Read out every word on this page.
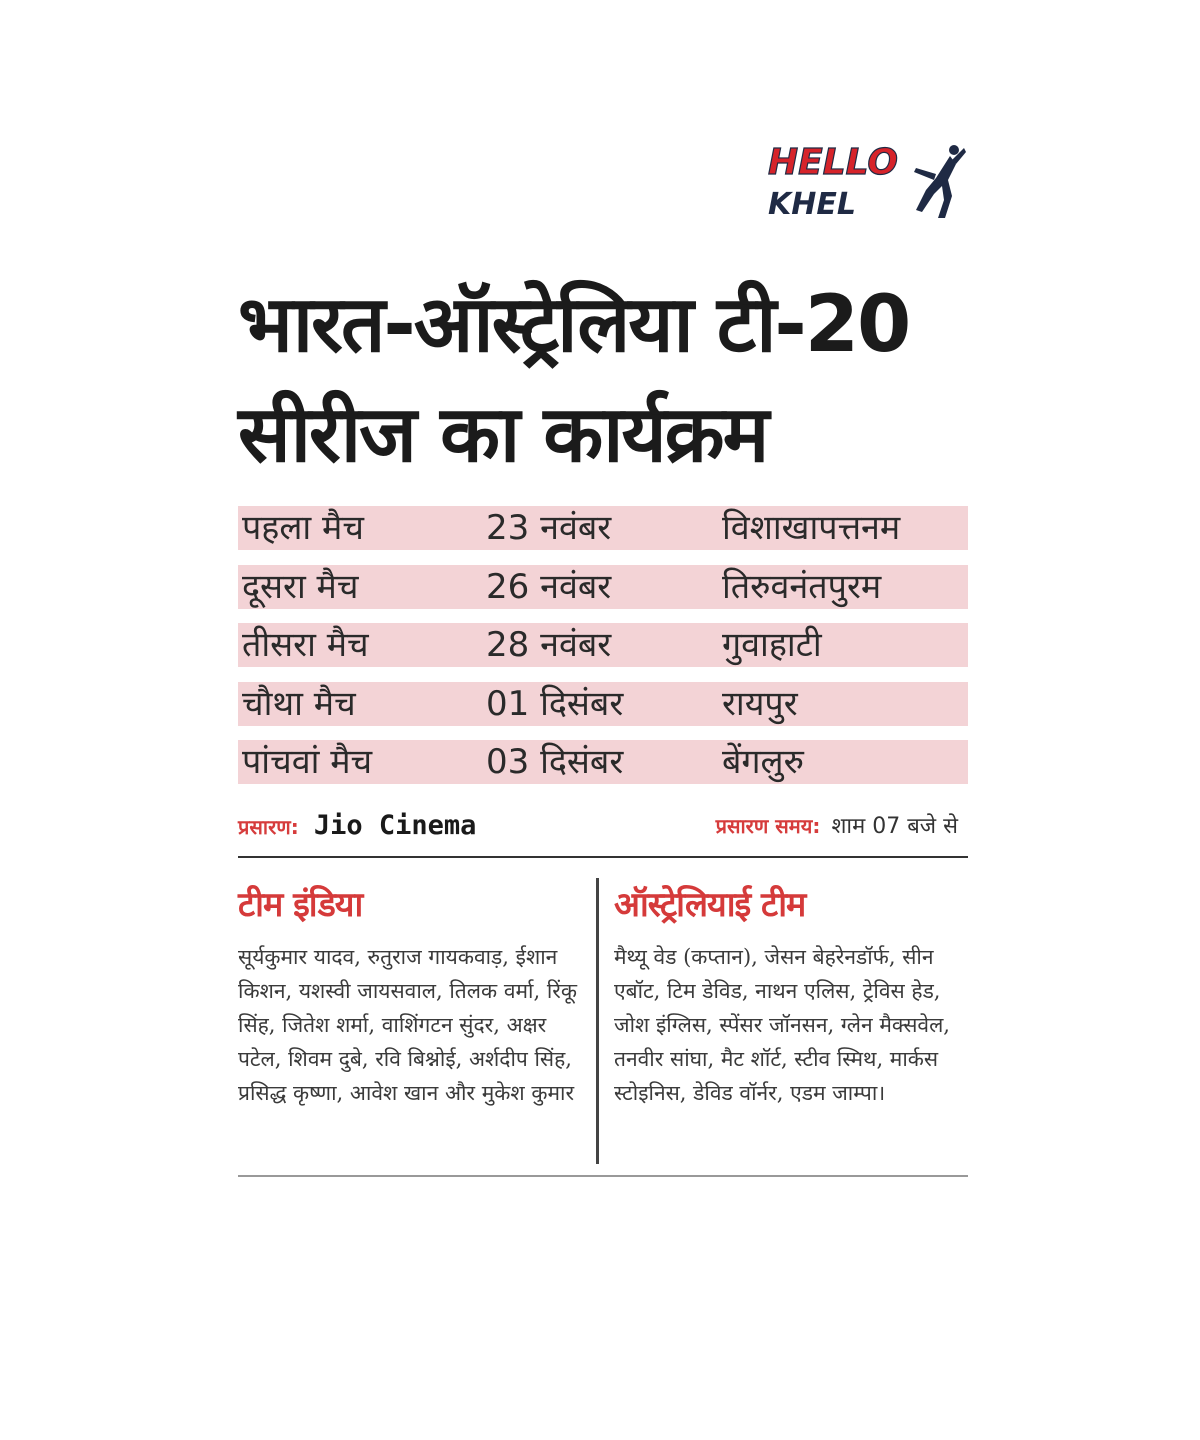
HELLO
KHEL
भारत-ऑस्ट्रेलिया टी-20
सीरीज का कार्यक्रम
पहला मैच	23 नवंबर	विशाखापत्तनम
दूसरा मैच	26 नवंबर	तिरुवनंतपुरम
तीसरा मैच	28 नवंबर	गुवाहाटी
चौथा मैच	01 दिसंबर	रायपुर
पांचवां मैच	03 दिसंबर	बेंगलुरु
प्रसारण: Jio Cinema	प्रसारण समय: शाम 07 बजे से
टीम इंडिया

सूर्यकुमार यादव, रुतुराज गायकवाड़, ईशान किशन, यशस्वी जायसवाल, तिलक वर्मा, रिंकू सिंह, जितेश शर्मा, वाशिंगटन सुंदर, अक्षर पटेल, शिवम दुबे, रवि बिश्नोई, अर्शदीप सिंह, प्रसिद्ध कृष्णा, आवेश खान और मुकेश कुमार

ऑस्ट्रेलियाई टीम

मैथ्यू वेड (कप्तान), जेसन बेहरेनडॉर्फ, सीन एबॉट, टिम डेविड, नाथन एलिस, ट्रेविस हेड, जोश इंग्लिस, स्पेंसर जॉनसन, ग्लेन मैक्सवेल, तनवीर सांघा, मैट शॉर्ट, स्टीव स्मिथ, मार्कस स्टोइनिस, डेविड वॉर्नर, एडम जाम्पा।
